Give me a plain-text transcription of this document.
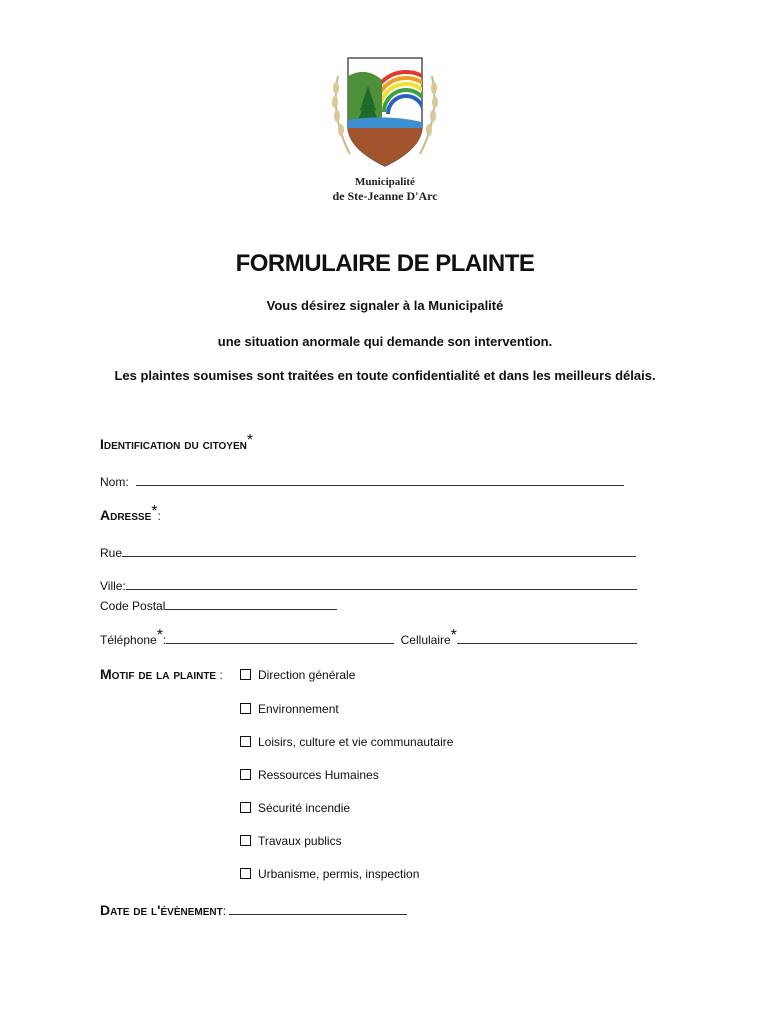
Municipalité
de Ste-Jeanne D'Arc
FORMULAIRE DE PLAINTE
Vous désirez signaler à la Municipalité
une situation anormale qui demande son intervention.
Les plaintes soumises sont traitées en toute confidentialité et dans les meilleurs délais.
Identification du citoyen*
Nom:
Adresse*:
Rue
Ville:
Code Postal
Téléphone*:	Cellulaire*
Motif de la plainte :	Direction générale
Environnement
Loisirs, culture et vie communautaire
Ressources Humaines
Sécurité incendie
Travaux publics
Urbanisme, permis, inspection
Date de l'évènement:
